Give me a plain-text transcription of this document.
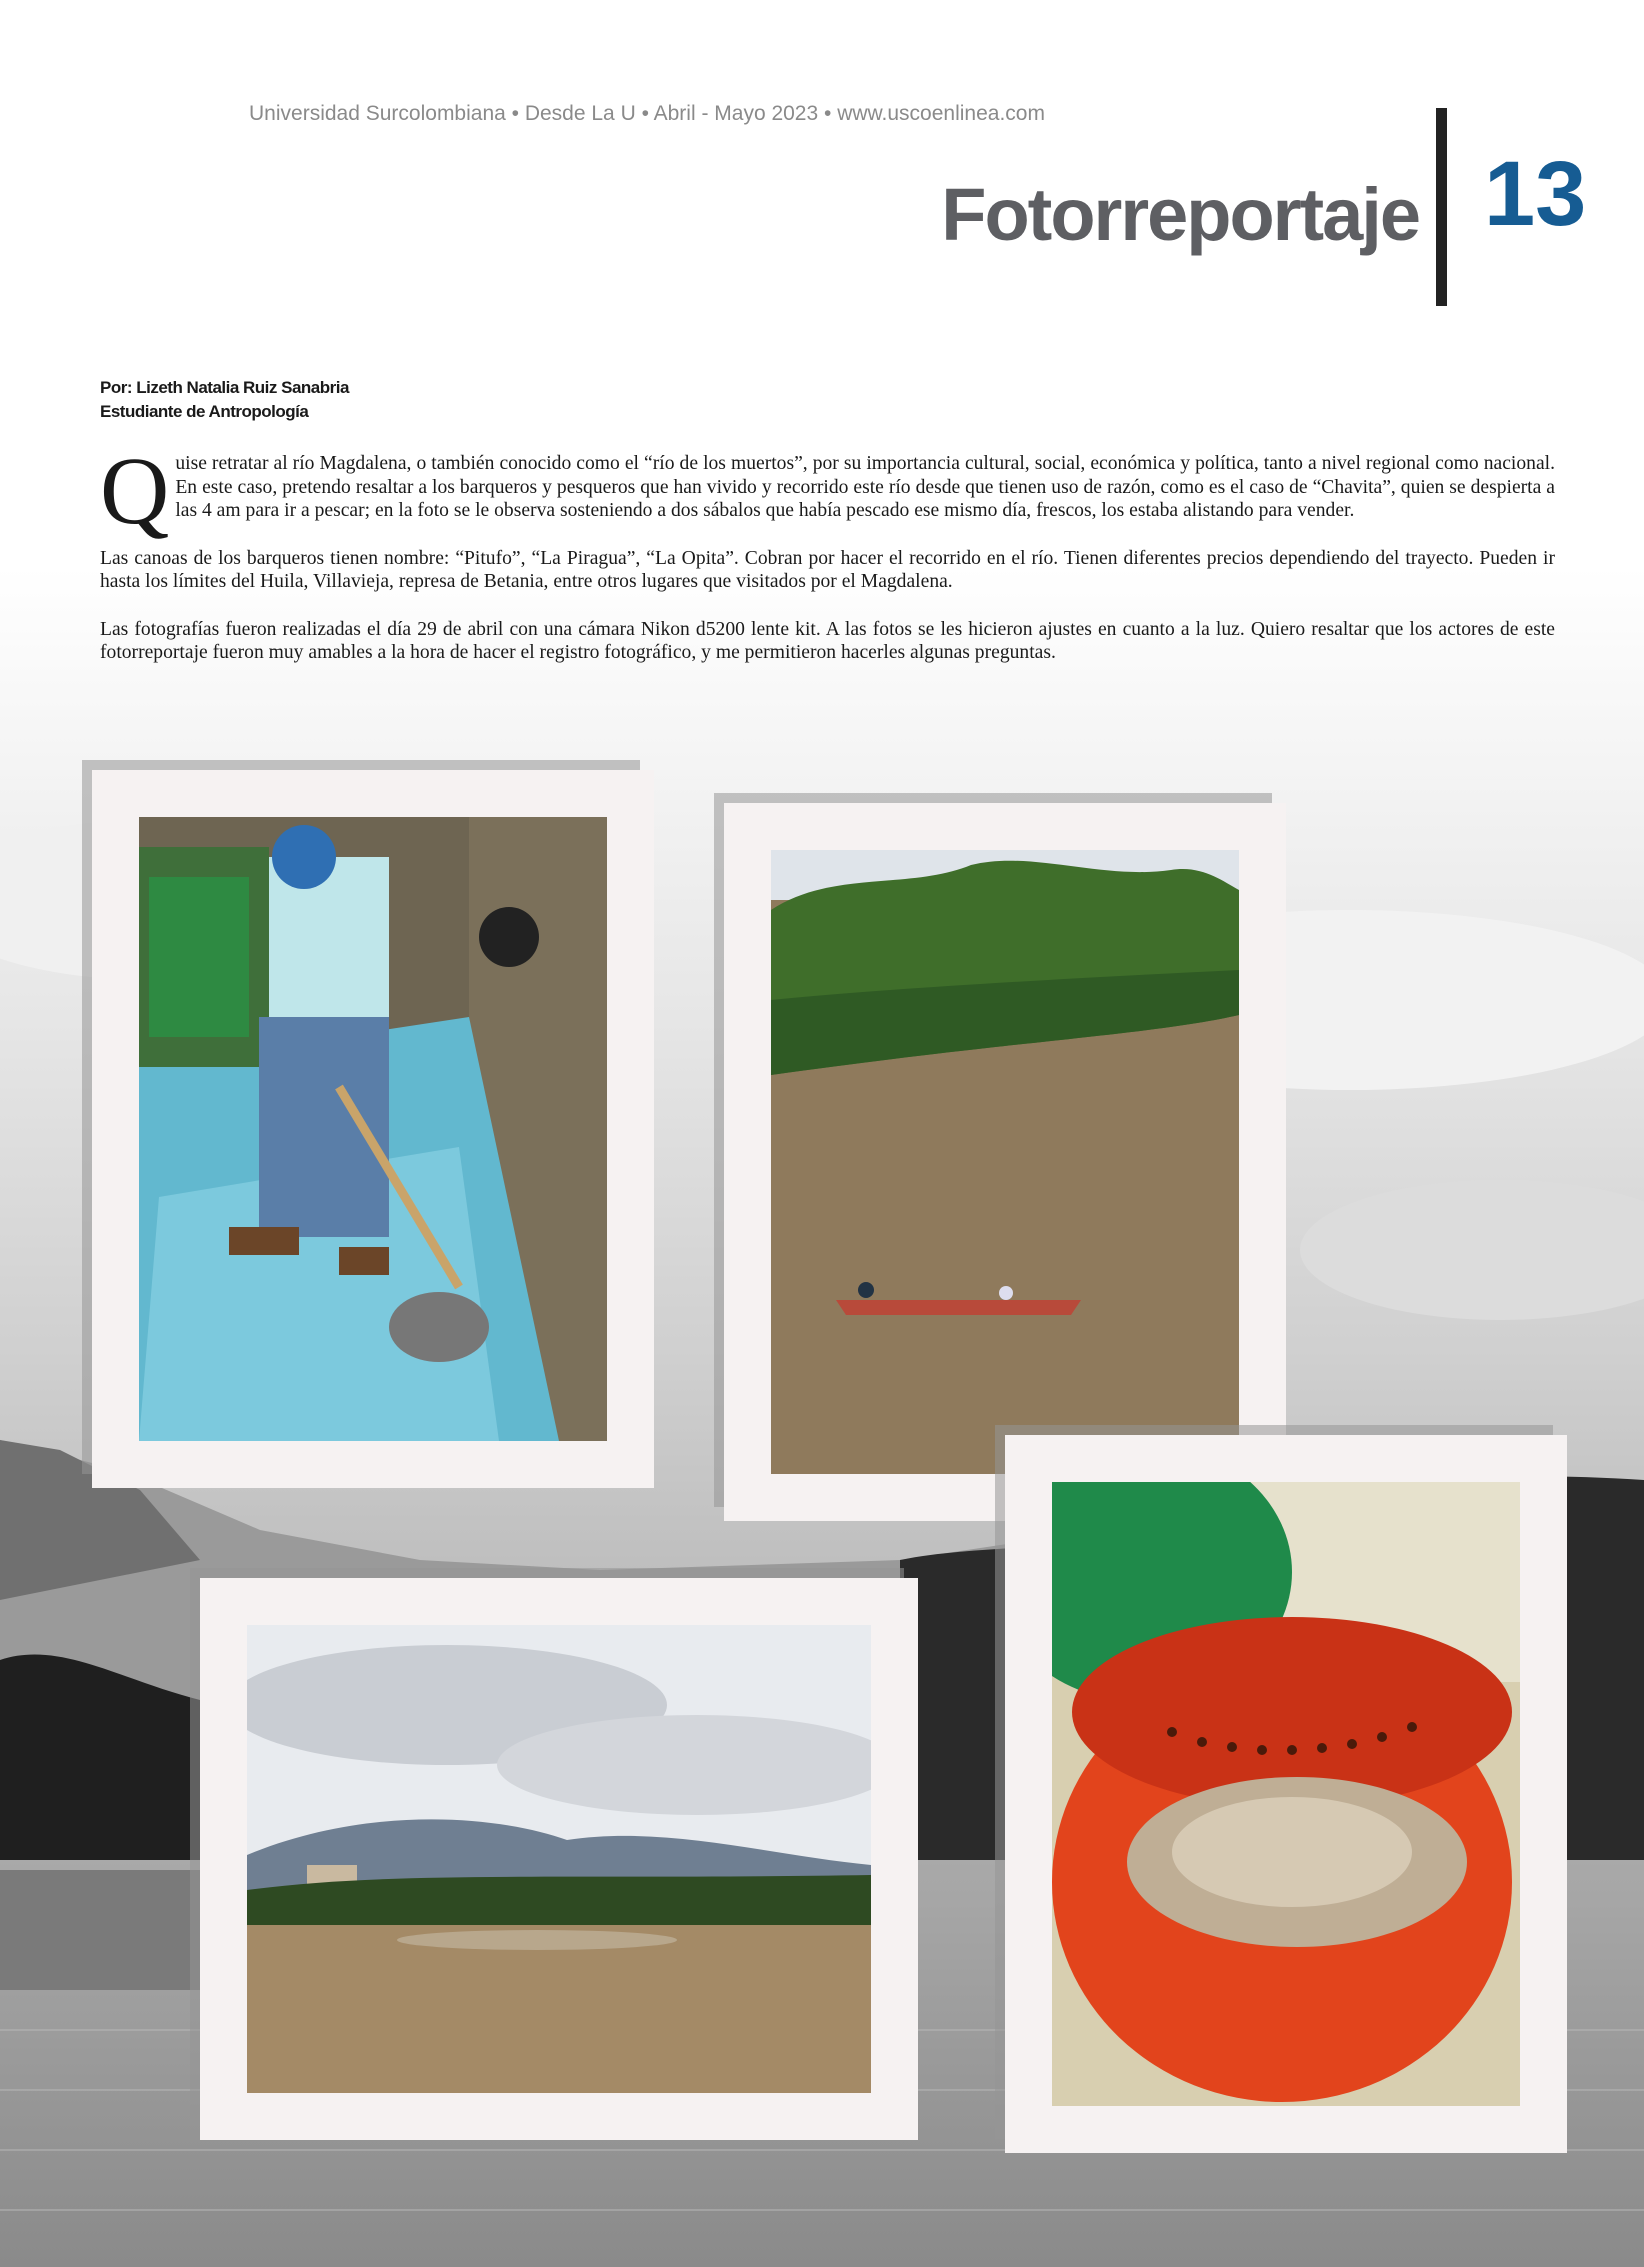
Universidad Surcolombiana • Desde La U • Abril - Mayo 2023 • www.uscoenlinea.com
Fotorreportaje 13
Por: Lizeth Natalia Ruiz Sanabria
Estudiante de Antropología

Quise retratar al río Magdalena, o también conocido como el “río de los muertos”, por su importancia cultural, social, económica y política, tanto a nivel regional como nacional. En este caso, pretendo resaltar a los barqueros y pesqueros que han vivido y recorrido este río desde que tienen uso de razón, como es el caso de “Chavita”, quien se despierta a las 4 am para ir a pescar; en la foto se le observa sosteniendo a dos sábalos que había pescado ese mismo día, frescos, los estaba alistando para vender.

Las canoas de los barqueros tienen nombre: “Pitufo”, “La Piragua”, “La Opita”. Cobran por hacer el recorrido en el río. Tienen diferentes precios dependiendo del trayecto. Pueden ir hasta los límites del Huila, Villavieja, represa de Betania, entre otros lugares que visitados por el Magdalena.

Las fotografías fueron realizadas el día 29 de abril con una cámara Nikon d5200 lente kit. A las fotos se les hicieron ajustes en cuanto a la luz. Quiero resaltar que los actores de este fotorreportaje fueron muy amables a la hora de hacer el registro fotográfico, y me permitieron hacerles algunas preguntas.
